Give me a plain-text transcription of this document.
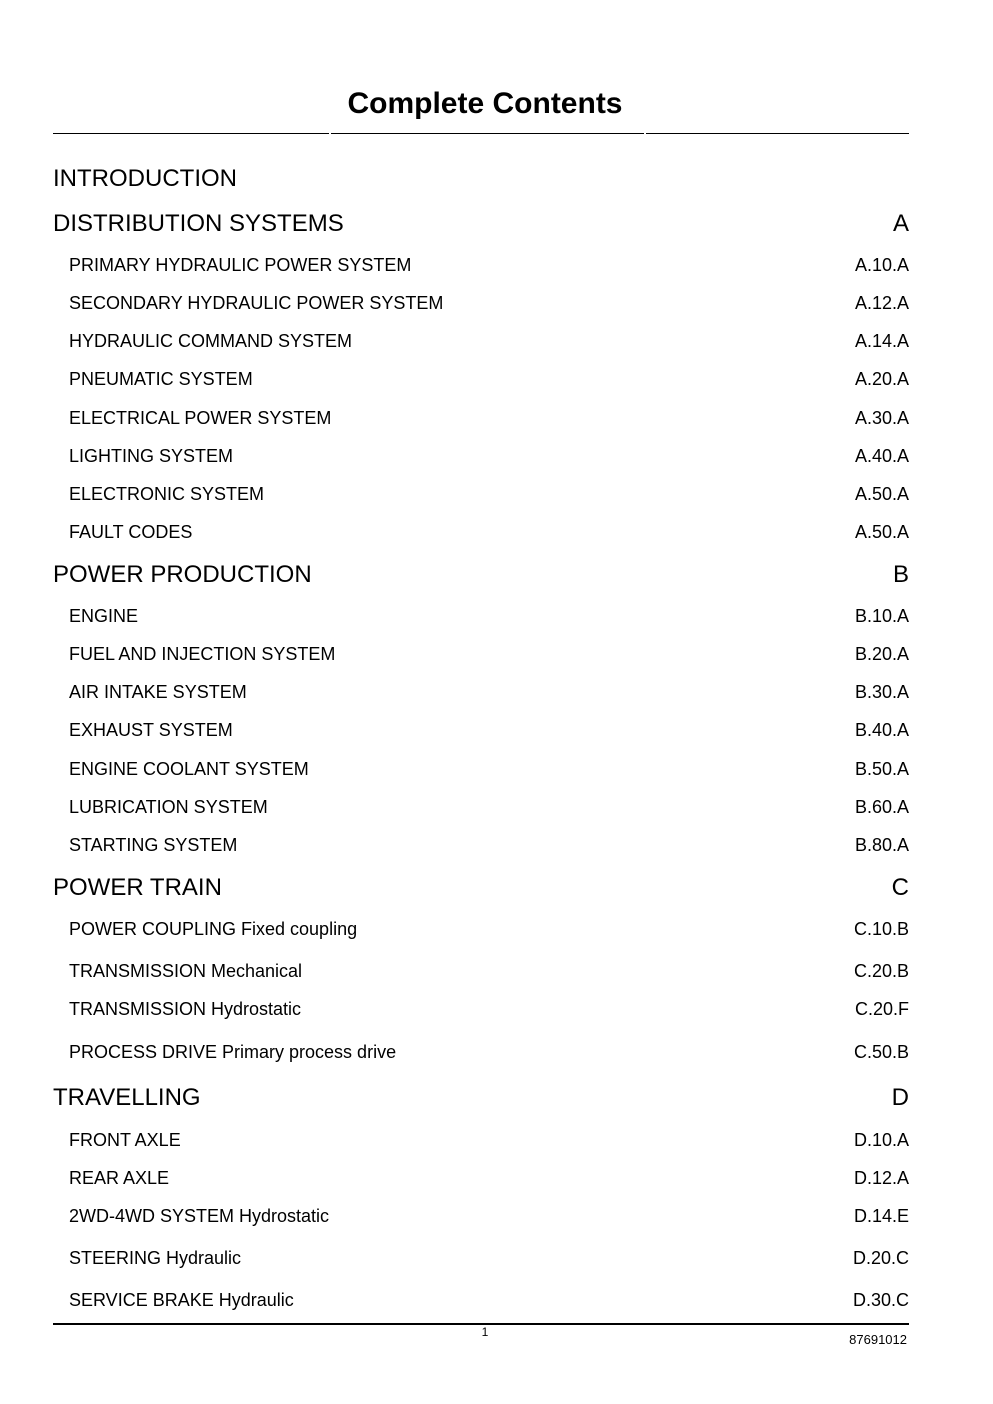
Complete Contents
INTRODUCTION
DISTRIBUTION SYSTEMS	A
PRIMARY HYDRAULIC POWER SYSTEM	A.10.A
SECONDARY HYDRAULIC POWER SYSTEM	A.12.A
HYDRAULIC COMMAND SYSTEM	A.14.A
PNEUMATIC SYSTEM	A.20.A
ELECTRICAL POWER SYSTEM	A.30.A
LIGHTING SYSTEM	A.40.A
ELECTRONIC SYSTEM	A.50.A
FAULT CODES	A.50.A
POWER PRODUCTION	B
ENGINE	B.10.A
FUEL AND INJECTION SYSTEM	B.20.A
AIR INTAKE SYSTEM	B.30.A
EXHAUST SYSTEM	B.40.A
ENGINE COOLANT SYSTEM	B.50.A
LUBRICATION SYSTEM	B.60.A
STARTING SYSTEM	B.80.A
POWER TRAIN	C
POWER COUPLING Fixed coupling	C.10.B
TRANSMISSION Mechanical	C.20.B
TRANSMISSION Hydrostatic	C.20.F
PROCESS DRIVE Primary process drive	C.50.B
TRAVELLING	D
FRONT AXLE	D.10.A
REAR AXLE	D.12.A
2WD-4WD SYSTEM Hydrostatic	D.14.E
STEERING Hydraulic	D.20.C
SERVICE BRAKE Hydraulic	D.30.C
1	87691012
